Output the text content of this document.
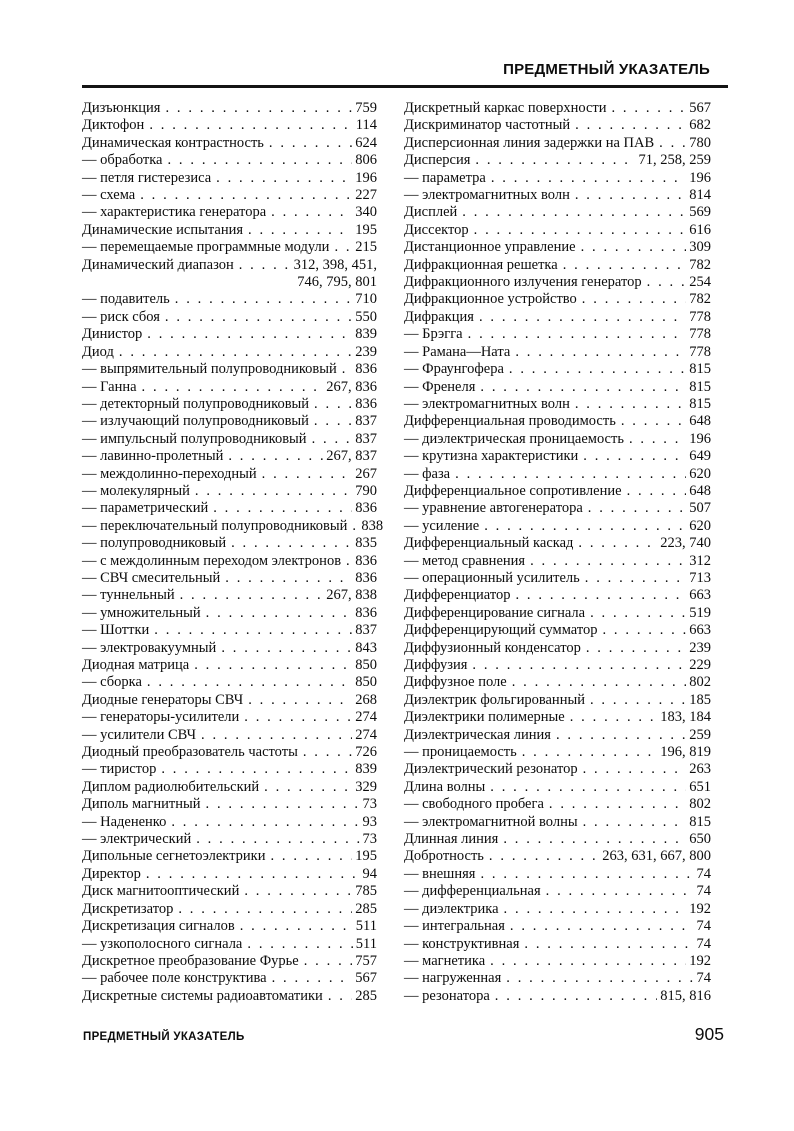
ПРЕДМЕТНЫЙ УКАЗАТЕЛЬ
Дизъюнкция . . .	759
Диктофон . . .	114
Динамическая контрастность . . .	624
— обработка . . .	806
— петля гистерезиса . . .	196
— схема . . .	227
— характеристика генератора . . .	340
Динамические испытания . . .	195
— перемещаемые программные модули . . . 215
Динамический диапазон . . .	312, 398, 451,
746, 795, 801
— подавитель . . .	710
— риск сбоя . . .	550
Динистор . . .	839
Диод . . .	239
— выпрямительный полупроводниковый . . . 836
— Ганна . . .	267, 836
— детекторный полупроводниковый . . .	836
— излучающий полупроводниковый . . .	837
— импульсный полупроводниковый . . .	837
— лавинно-пролетный . . .	267, 837
— междолинно-переходный . . .	267
— молекулярный . . .	790
— параметрический . . .	836
— переключательный полупроводниковый . . . 838
— полупроводниковый . . .	835
— с междолинным переходом электронов . . . 836
— СВЧ смесительный . . .	836
— туннельный . . .	267, 838
— умножительный . . .	836
— Шоттки . . .	837
— электровакуумный . . .	843
Диодная матрица . . .	850
— сборка . . .	850
Диодные генераторы СВЧ . . .	268
— генераторы-усилители . . .	274
— усилители СВЧ . . .	274
Диодный преобразователь частоты . . .	726
— тиристор . . .	839
Диплом радиолюбительский . . .	329
Диполь магнитный . . .	73
— Надененко . . .	93
— электрический . . .	73
Дипольные сегнетоэлектрики . . .	195
Директор . . .	94
Диск магнитооптический . . .	785
Дискретизатор . . .	285
Дискретизация сигналов . . .	511
— узкополосного сигнала . . .	511
Дискретное преобразование Фурье . . .	757
— рабочее поле конструктива . . .	567
Дискретные системы радиоавтоматики . . . 285
Дискретный каркас поверхности . . .	567
Дискриминатор частотный . . .	682
Дисперсионная линия задержки на ПАВ . . . 780
Дисперсия . . .	71, 258, 259
— параметра . . .	196
— электромагнитных волн . . .	814
Дисплей . . .	569
Диссектор . . .	616
Дистанционное управление . . .	309
Дифракционная решетка . . .	782
Дифракционного излучения генератор . . .	254
Дифракционное устройство . . .	782
Дифракция . . .	778
— Брэгга . . .	778
— Рамана—Ната . . .	778
— Фраунгофера . . .	815
— Френеля . . .	815
— электромагнитных волн . . .	815
Дифференциальная проводимость . . .	648
— диэлектрическая проницаемость . . .	196
— крутизна характеристики . . .	649
— фаза . . .	620
Дифференциальное сопротивление . . .	648
— уравнение автогенератора . . .	507
— усиление . . .	620
Дифференциальный каскад . . .	223, 740
— метод сравнения . . .	312
— операционный усилитель . . .	713
Дифференциатор . . .	663
Дифференцирование сигнала . . .	519
Дифференцирующий сумматор . . .	663
Диффузионный конденсатор . . .	239
Диффузия . . .	229
Диффузное поле . . .	802
Диэлектрик фольгированный . . .	185
Диэлектрики полимерные . . .	183, 184
Диэлектрическая линия . . .	259
— проницаемость . . .	196, 819
Диэлектрический резонатор . . .	263
Длина волны . . .	651
— свободного пробега . . .	802
— электромагнитной волны . . .	815
Длинная линия . . .	650
Добротность . . .	263, 631, 667, 800
— внешняя . . .	74
— дифференциальная . . .	74
— диэлектрика . . .	192
— интегральная . . .	74
— конструктивная . . .	74
— магнетика . . .	192
— нагруженная . . .	74
— резонатора . . .	815, 816
ПРЕДМЕТНЫЙ УКАЗАТЕЛЬ	905
